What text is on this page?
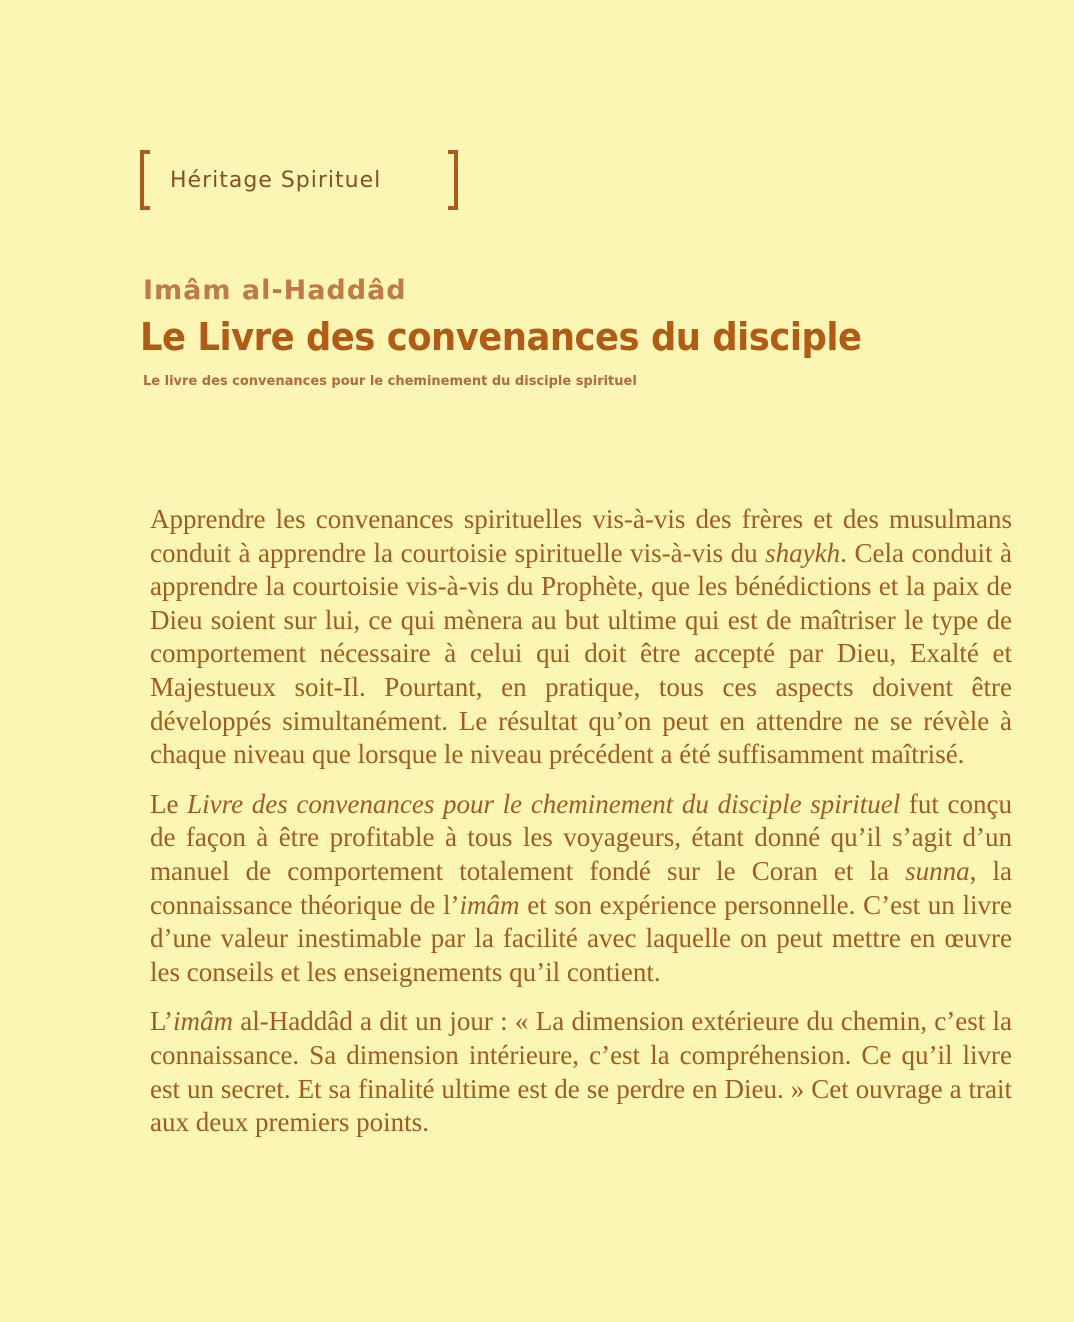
Héritage Spirituel
Imâm al-Haddâd
Le Livre des convenances du disciple
Le livre des convenances pour le cheminement du disciple spirituel

Apprendre les convenances spirituelles vis-à-vis des frères et des musulmans conduit à apprendre la courtoisie spirituelle vis-à-vis du shaykh. Cela conduit à apprendre la courtoisie vis-à-vis du Prophète, que les bénédictions et la paix de Dieu soient sur lui, ce qui mènera au but ultime qui est de maîtriser le type de comportement nécessaire à celui qui doit être accepté par Dieu, Exalté et Majestueux soit-Il. Pourtant, en pratique, tous ces aspects doivent être développés simultanément. Le résultat qu’on peut en attendre ne se révèle à chaque niveau que lorsque le niveau précédent a été suffisamment maîtrisé.

Le Livre des convenances pour le cheminement du disciple spirituel fut conçu de façon à être profitable à tous les voyageurs, étant donné qu’il s’agit d’un manuel de comportement totalement fondé sur le Coran et la sunna, la connaissance théorique de l’imâm et son expérience personnelle. C’est un livre d’une valeur inestimable par la facilité avec laquelle on peut mettre en œuvre les conseils et les enseignements qu’il contient.

L’imâm al-Haddâd a dit un jour : « La dimension extérieure du chemin, c’est la connaissance. Sa dimension intérieure, c’est la compréhension. Ce qu’il livre est un secret. Et sa finalité ultime est de se perdre en Dieu. » Cet ouvrage a trait aux deux premiers points.
